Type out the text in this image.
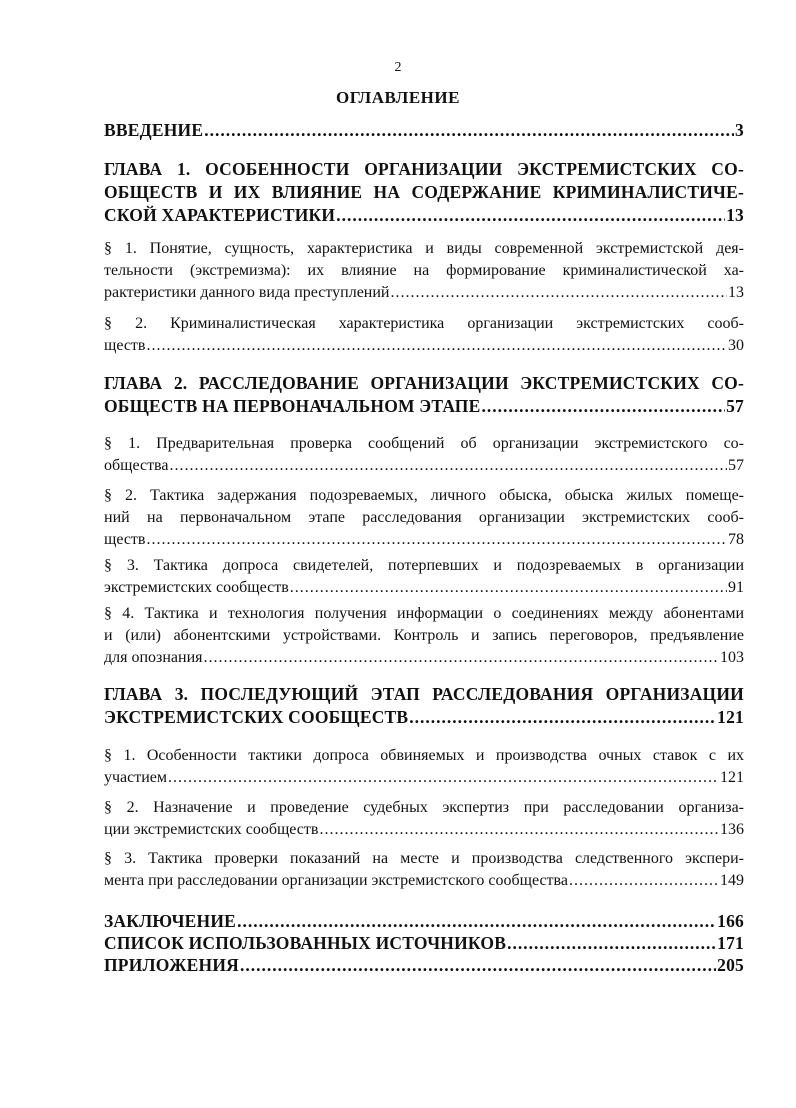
2
ОГЛАВЛЕНИЕ
ВВЕДЕНИЕ .....	3
ГЛАВА 1. ОСОБЕННОСТИ ОРГАНИЗАЦИИ ЭКСТРЕМИСТСКИХ СО-
ОБЩЕСТВ И ИХ ВЛИЯНИЕ НА СОДЕРЖАНИЕ КРИМИНАЛИСТИЧЕ-
СКОЙ ХАРАКТЕРИСТИКИ .....	13
§ 1. Понятие, сущность, характеристика и виды современной экстремистской дея-
тельности (экстремизма): их влияние на формирование криминалистической ха-
рактеристики данного вида преступлений .....	13
§ 2. Криминалистическая характеристика организации экстремистских сооб-
ществ .....	30
ГЛАВА 2. РАССЛЕДОВАНИЕ ОРГАНИЗАЦИИ ЭКСТРЕМИСТСКИХ СО-
ОБЩЕСТВ НА ПЕРВОНАЧАЛЬНОМ ЭТАПЕ .....	57
§ 1. Предварительная проверка сообщений об организации экстремистского со-
общества .....	57
§ 2. Тактика задержания подозреваемых, личного обыска, обыска жилых помеще-
ний на первоначальном этапе расследования организации экстремистских сооб-
ществ .....	78
§ 3. Тактика допроса свидетелей, потерпевших и подозреваемых в организации
экстремистских сообществ .....	91
§ 4. Тактика и технология получения информации о соединениях между абонентами
и (или) абонентскими устройствами. Контроль и запись переговоров, предъявление
для опознания .....	103
ГЛАВА 3. ПОСЛЕДУЮЩИЙ ЭТАП РАССЛЕДОВАНИЯ ОРГАНИЗАЦИИ
ЭКСТРЕМИСТСКИХ СООБЩЕСТВ .....	121
§ 1. Особенности тактики допроса обвиняемых и производства очных ставок с их
участием .....	121
§ 2. Назначение и проведение судебных экспертиз при расследовании организа-
ции экстремистских сообществ .....	136
§ 3. Тактика проверки показаний на месте и производства следственного экспери-
мента при расследовании организации экстремистского сообщества .....	149
ЗАКЛЮЧЕНИЕ .....	166
СПИСОК ИСПОЛЬЗОВАННЫХ ИСТОЧНИКОВ .....	171
ПРИЛОЖЕНИЯ .....	205
